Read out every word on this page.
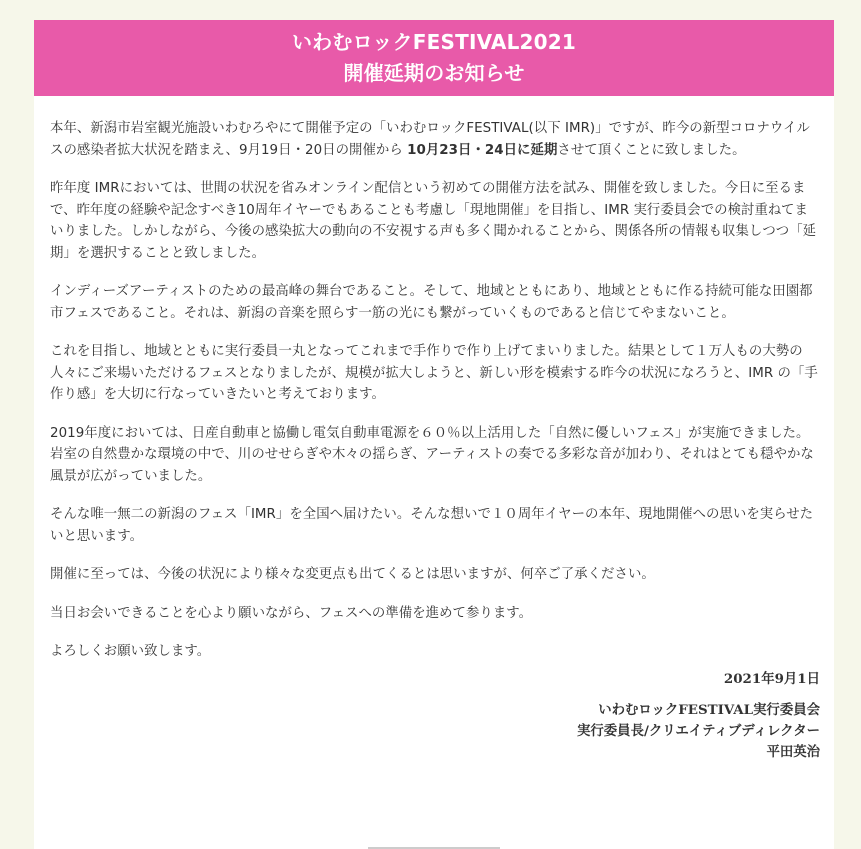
いわむロックFESTIVAL2021
開催延期のお知らせ

本年、新潟市岩室観光施設いわむろやにて開催予定の「いわむロックFESTIVAL(以下 IMR)」ですが、昨今の新型コロナウイルスの感染者拡大状況を踏まえ、9月19日・20日の開催から 10月23日・24日に延期させて頂くことに致しました。

昨年度 IMRにおいては、世間の状況を省みオンライン配信という初めての開催方法を試み、開催を致しました。今日に至るまで、昨年度の経験や記念すべき10周年イヤーでもあることも考慮し「現地開催」を目指し、IMR 実行委員会での検討重ねてまいりました。しかしながら、今後の感染拡大の動向の不安視する声も多く聞かれることから、関係各所の情報も収集しつつ「延期」を選択することと致しました。

インディーズアーティストのための最高峰の舞台であること。そして、地域とともにあり、地域とともに作る持続可能な田園都市フェスであること。それは、新潟の音楽を照らす一筋の光にも繋がっていくものであると信じてやまないこと。

これを目指し、地域とともに実行委員一丸となってこれまで手作りで作り上げてまいりました。結果として１万人もの大勢の人々にご来場いただけるフェスとなりましたが、規模が拡大しようと、新しい形を模索する昨今の状況になろうと、IMR の「手作り感」を大切に行なっていきたいと考えております。

2019年度においては、日産自動車と協働し電気自動車電源を６０％以上活用した「自然に優しいフェス」が実施できました。岩室の自然豊かな環境の中で、川のせせらぎや木々の揺らぎ、アーティストの奏でる多彩な音が加わり、それはとても穏やかな風景が広がっていました。

そんな唯一無二の新潟のフェス「IMR」を全国へ届けたい。そんな想いで１０周年イヤーの本年、現地開催への思いを実らせたいと思います。

開催に至っては、今後の状況により様々な変更点も出てくるとは思いますが、何卒ご了承ください。

当日お会いできることを心より願いながら、フェスへの準備を進めて参ります。

よろしくお願い致します。

2021年9月1日
いわむロックFESTIVAL実行委員会
実行委員長/クリエイティブディレクター
平田英治
